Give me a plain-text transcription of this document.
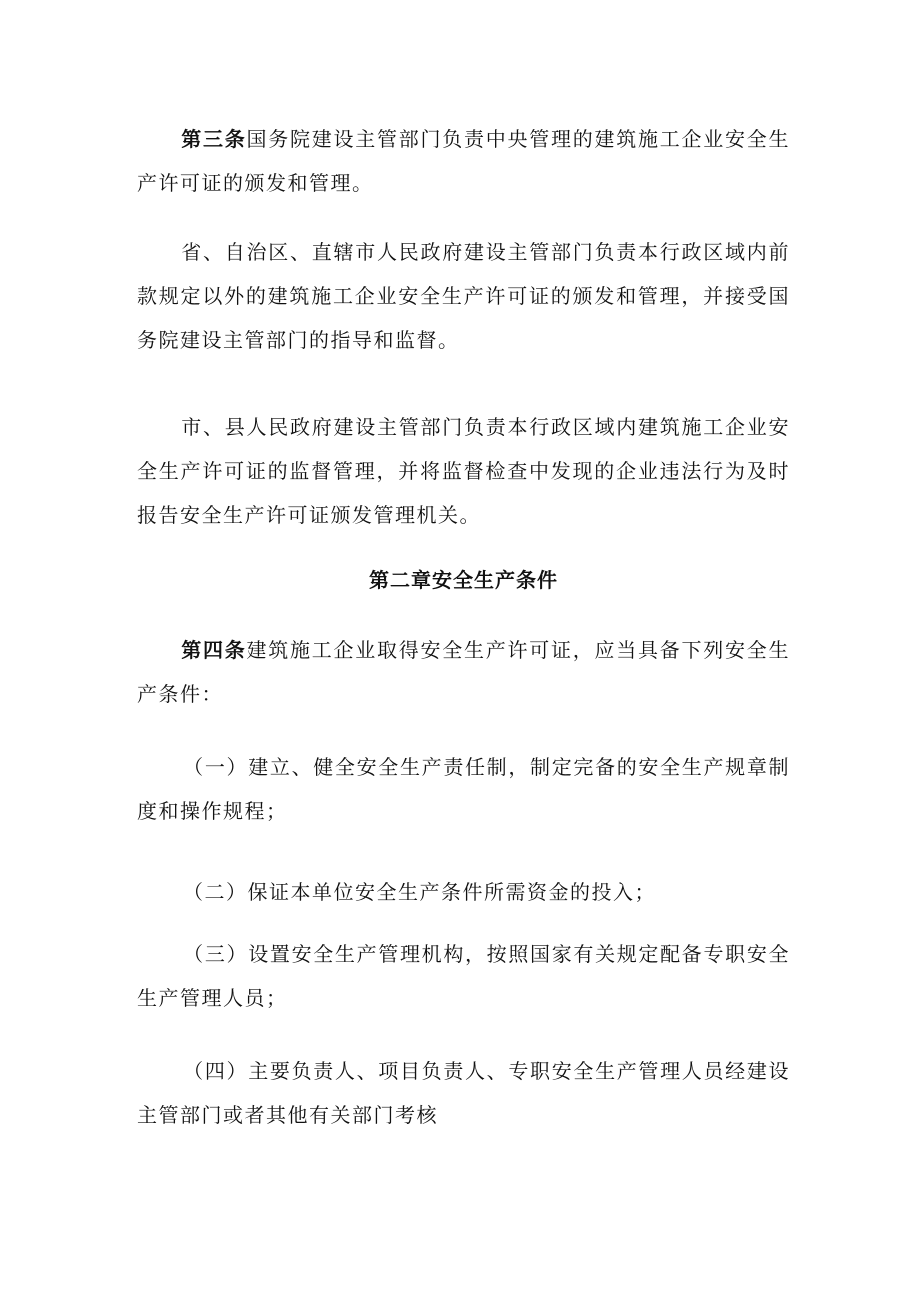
第三条国务院建设主管部门负责中央管理的建筑施工企业安全生产许可证的颁发和管理。

省、自治区、直辖市人民政府建设主管部门负责本行政区域内前款规定以外的建筑施工企业安全生产许可证的颁发和管理，并接受国务院建设主管部门的指导和监督。

市、县人民政府建设主管部门负责本行政区域内建筑施工企业安全生产许可证的监督管理，并将监督检查中发现的企业违法行为及时报告安全生产许可证颁发管理机关。

第二章安全生产条件

第四条建筑施工企业取得安全生产许可证，应当具备下列安全生产条件：

（一）建立、健全安全生产责任制，制定完备的安全生产规章制度和操作规程；

（二）保证本单位安全生产条件所需资金的投入；

（三）设置安全生产管理机构，按照国家有关规定配备专职安全生产管理人员；

（四）主要负责人、项目负责人、专职安全生产管理人员经建设主管部门或者其他有关部门考核
